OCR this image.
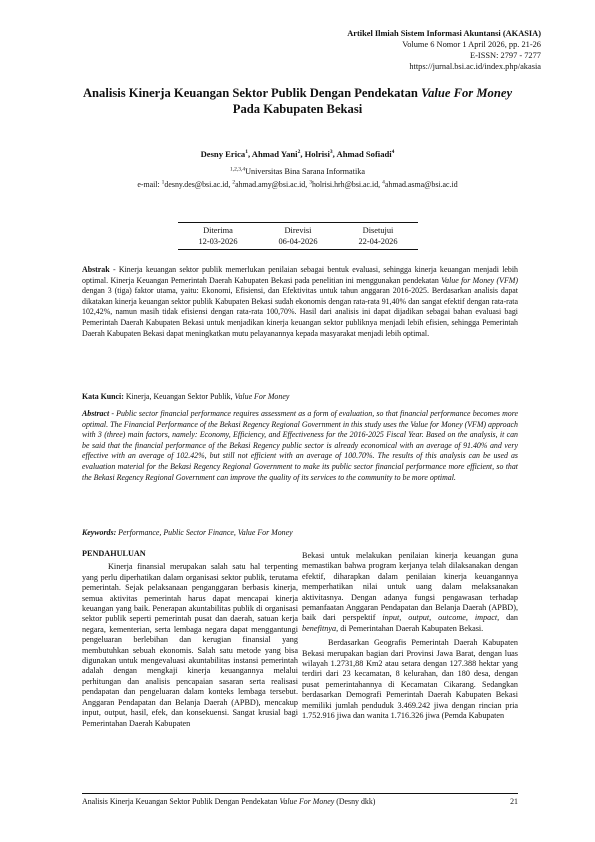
Artikel Ilmiah Sistem Informasi Akuntansi (AKASIA)
Volume 6 Nomor 1 April 2026, pp. 21-26
E-ISSN: 2797 - 7277
https://jurnal.bsi.ac.id/index.php/akasia
Analisis Kinerja Keuangan Sektor Publik Dengan Pendekatan Value For Money Pada Kabupaten Bekasi
Desny Erica$^1$, Ahmad Yani$^2$, Holrisi$^3$, Ahmad Sofiadi$^4$
$^{1,2,3,4}$Universitas Bina Sarana Informatika
e-mail: $^1$desny.des@bsi.ac.id, $^2$ahmad.amy@bsi.ac.id, $^3$holrisi.hrh@bsi.ac.id, $^4$ahmad.asma@bsi.ac.id
Diterima	Direvisi	Disetujui
12-03-2026	06-04-2026	22-04-2026
Abstrak - Kinerja keuangan sektor publik memerlukan penilaian sebagai bentuk evaluasi, sehingga kinerja keuangan menjadi lebih optimal. Kinerja Keuangan Pemerintah Daerah Kabupaten Bekasi pada penelitian ini menggunakan pendekatan Value for Money (VFM) dengan 3 (tiga) faktor utama, yaitu: Ekonomi, Efisiensi, dan Efektivitas untuk tahun anggaran 2016-2025. Berdasarkan analisis dapat dikatakan kinerja keuangan sektor publik Kabupaten Bekasi sudah ekonomis dengan rata-rata 91,40% dan sangat efektif dengan rata-rata 102,42%, namun masih tidak efisiensi dengan rata-rata 100,70%. Hasil dari analisis ini dapat dijadikan sebagai bahan evaluasi bagi Pemerintah Daerah Kabupaten Bekasi untuk menjadikan kinerja keuangan sektor publiknya menjadi lebih efisien, sehingga Pemerintah Daerah Kabupaten Bekasi dapat meningkatkan mutu pelayanannya kepada masyarakat menjadi lebih optimal.
Kata Kunci: Kinerja, Keuangan Sektor Publik, Value For Money
Abstract - Public sector financial performance requires assessment as a form of evaluation, so that financial performance becomes more optimal. The Financial Performance of the Bekasi Regency Regional Government in this study uses the Value for Money (VFM) approach with 3 (three) main factors, namely: Economy, Efficiency, and Effectiveness for the 2016-2025 Fiscal Year. Based on the analysis, it can be said that the financial performance of the Bekasi Regency public sector is already economical with an average of 91.40% and very effective with an average of 102.42%, but still not efficient with an average of 100.70%. The results of this analysis can be used as evaluation material for the Bekasi Regency Regional Government to make its public sector financial performance more efficient, so that the Bekasi Regency Regional Government can improve the quality of its services to the community to be more optimal.
Keywords: Performance, Public Sector Finance, Value For Money

PENDAHULUAN

Kinerja finansial merupakan salah satu hal terpenting yang perlu diperhatikan dalam organisasi sektor publik, terutama pemerintah. Sejak pelaksanaan penganggaran berbasis kinerja, semua aktivitas pemerintah harus dapat mencapai kinerja keuangan yang baik. Penerapan akuntabilitas publik di organisasi sektor publik seperti pemerintah pusat dan daerah, satuan kerja negara, kementerian, serta lembaga negara dapat menggantungi pengeluaran berlebihan dan kerugian finansial yang membutuhkan sebuah ekonomis. Salah satu metode yang bisa digunakan untuk mengevaluasi akuntabilitas instansi pemerintah adalah dengan mengkaji kinerja keuangannya melalui perhitungan dan analisis pencapaian sasaran serta realisasi pendapatan dan pengeluaran dalam konteks lembaga tersebut. Anggaran Pendapatan dan Belanja Daerah (APBD), mencakup input, output, hasil, efek, dan konsekuensi. Sangat krusial bagi Pemerintahan Daerah Kabupaten

Bekasi untuk melakukan penilaian kinerja keuangan guna memastikan bahwa program kerjanya telah dilaksanakan dengan efektif, diharapkan dalam penilaian kinerja keuangannya memperhatikan nilai untuk uang dalam melaksanakan aktivitasnya. Dengan adanya fungsi pengawasan terhadap pemanfaatan Anggaran Pendapatan dan Belanja Daerah (APBD), baik dari perspektif input, output, outcome, impact, dan benefitnya, di Pemerintahan Daerah Kabupaten Bekasi.

Berdasarkan Geografis Pemerintah Daerah Kabupaten Bekasi merupakan bagian dari Provinsi Jawa Barat, dengan luas wilayah 1.2731,88 Km2 atau setara dengan 127.388 hektar yang terdiri dari 23 kecamatan, 8 kelurahan, dan 180 desa, dengan pusat pemerintahannya di Kecamatan Cikarang. Sedangkan berdasarkan Demografi Pemerintah Daerah Kabupaten Bekasi memiliki jumlah penduduk 3.469.242 jiwa dengan rincian pria 1.752.916 jiwa dan wanita 1.716.326 jiwa (Pemda Kabupaten

Analisis Kinerja Keuangan Sektor Publik Dengan Pendekatan Value For Money (Desny dkk)	21
